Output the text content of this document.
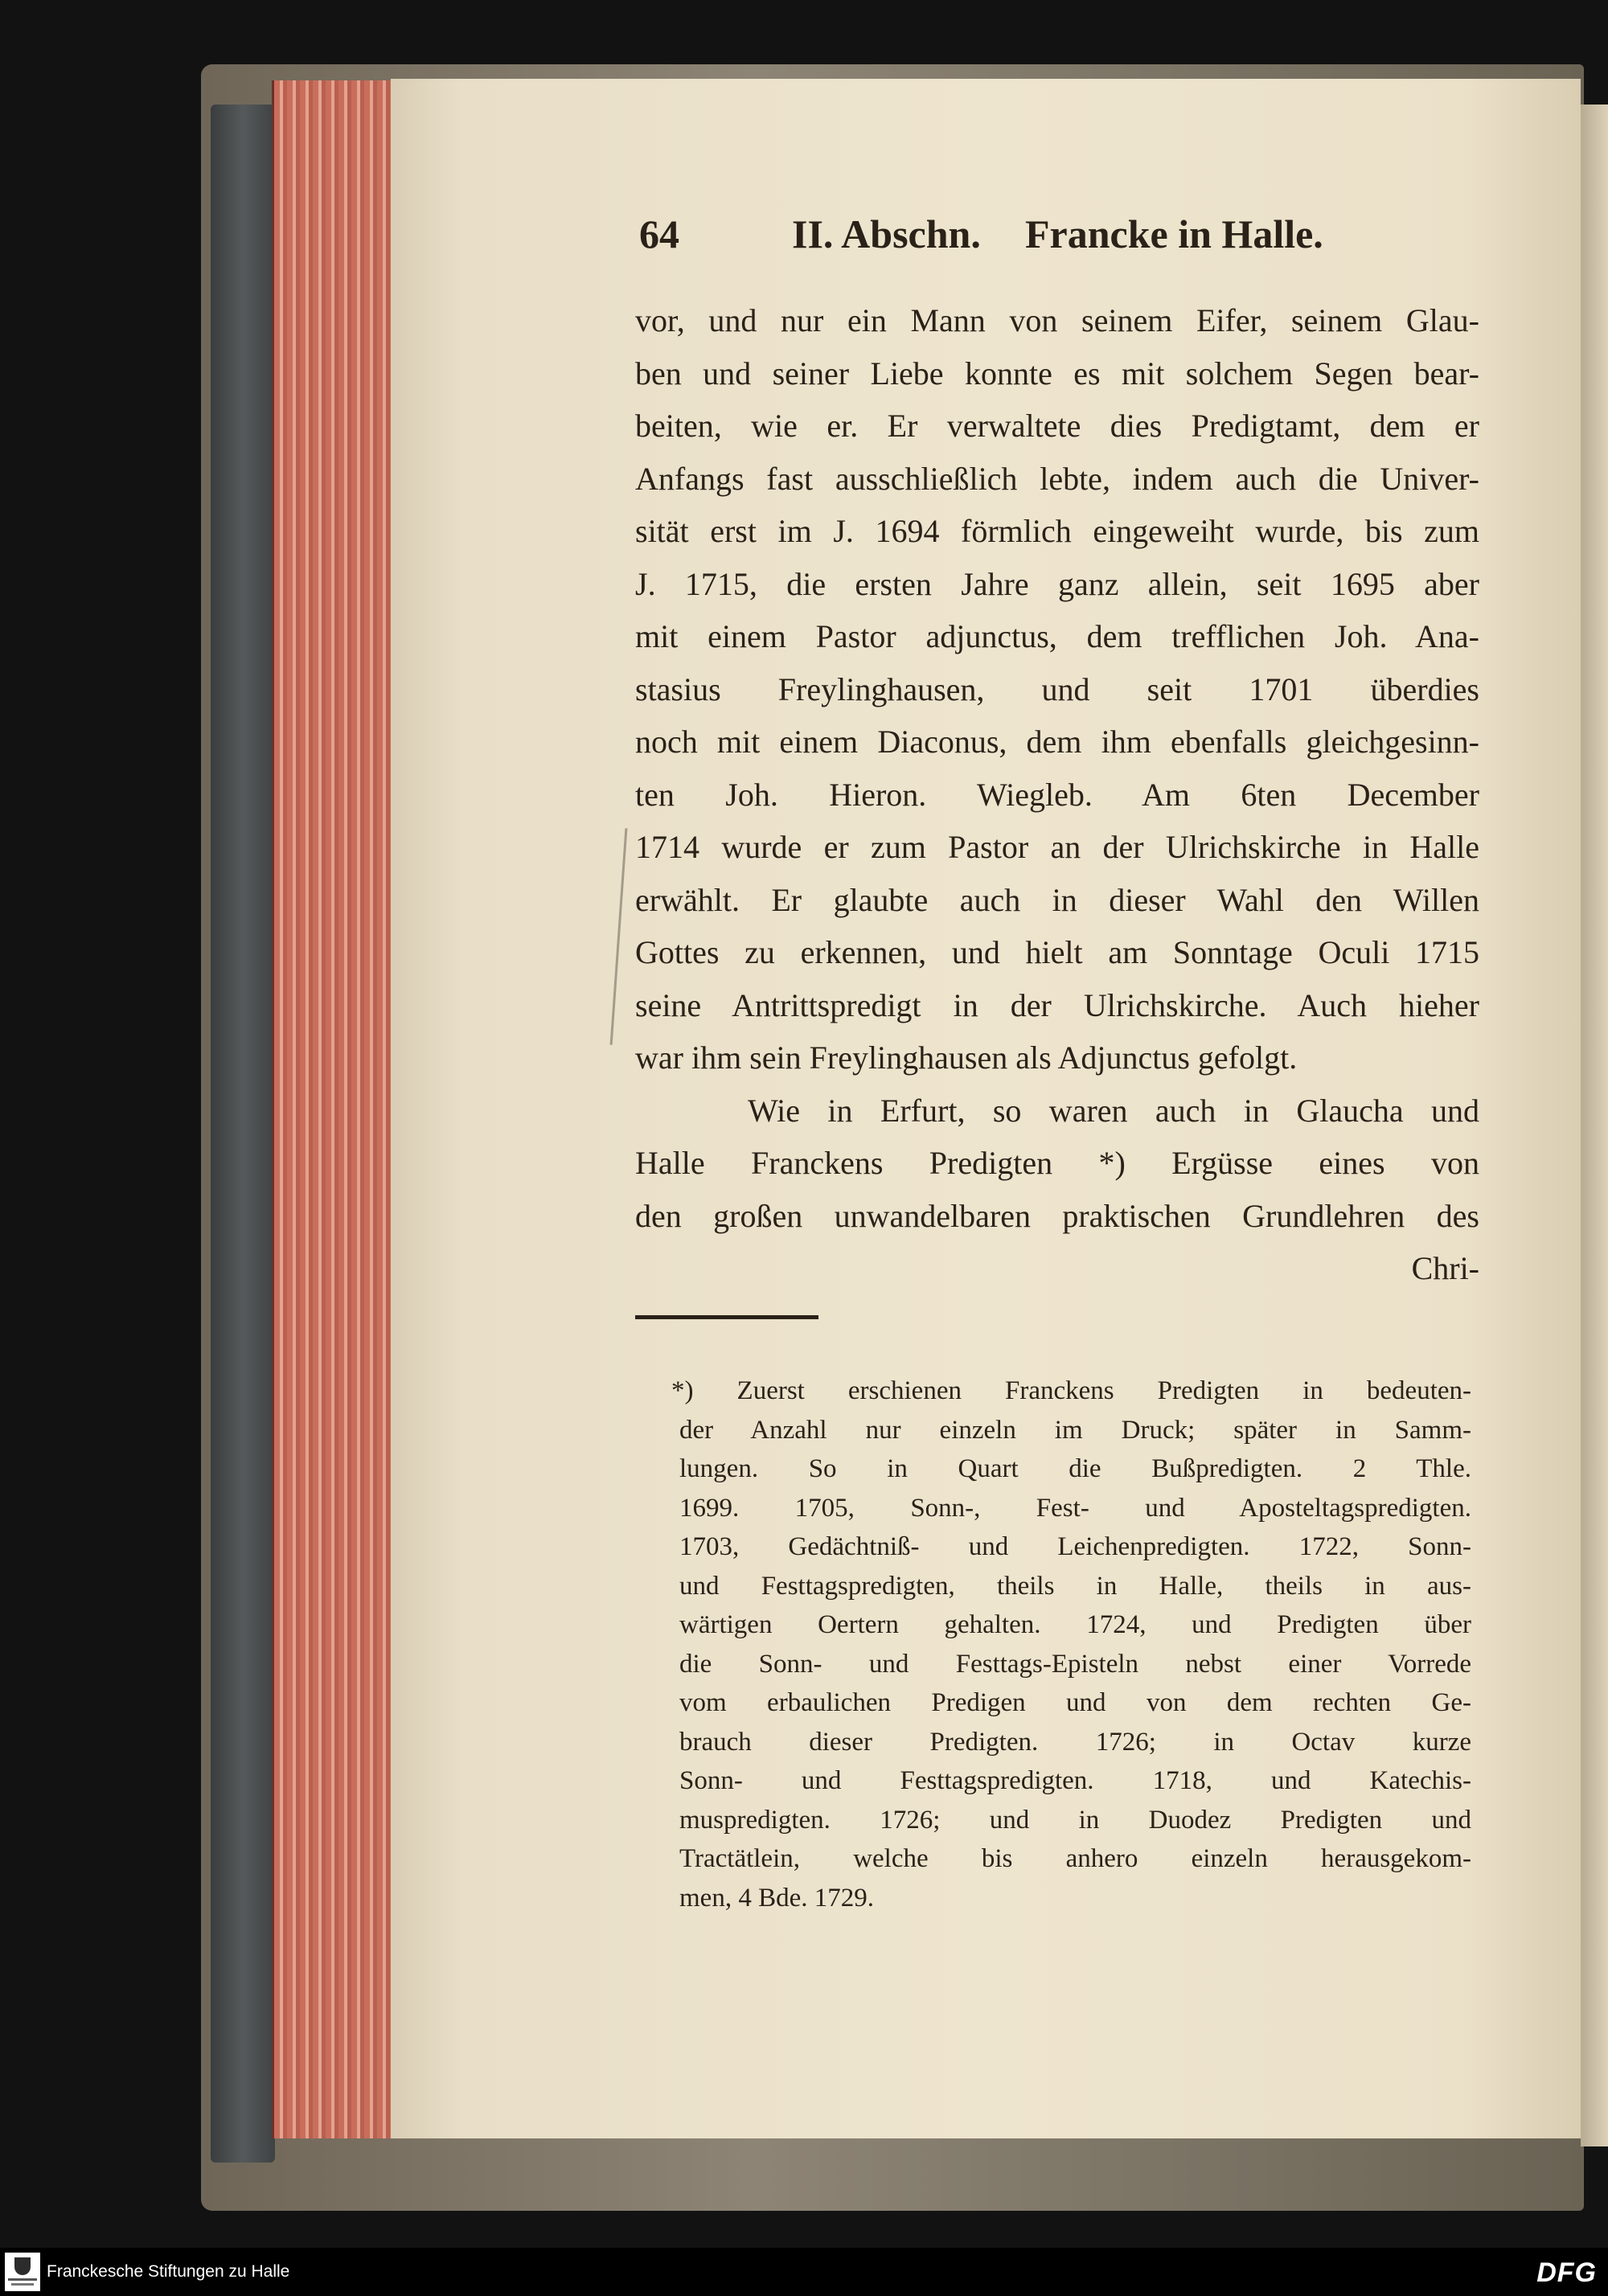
64	II. Abschn. Francke in Halle.
vor, und nur ein Mann von seinem Eifer, seinem Glau-
ben und seiner Liebe konnte es mit solchem Segen bear-
beiten, wie er. Er verwaltete dies Predigtamt, dem er
Anfangs fast ausschließlich lebte, indem auch die Univer-
sität erst im J. 1694 förmlich eingeweiht wurde, bis zum
J. 1715, die ersten Jahre ganz allein, seit 1695 aber
mit einem Pastor adjunctus, dem trefflichen Joh. Ana-
stasius Freylinghausen, und seit 1701 überdies
noch mit einem Diaconus, dem ihm ebenfalls gleichgesinn-
ten Joh. Hieron. Wiegleb. Am 6ten December
1714 wurde er zum Pastor an der Ulrichskirche in Halle
erwählt. Er glaubte auch in dieser Wahl den Willen
Gottes zu erkennen, und hielt am Sonntage Oculi 1715
seine Antrittspredigt in der Ulrichskirche. Auch hieher
war ihm sein Freylinghausen als Adjunctus gefolgt.
Wie in Erfurt, so waren auch in Glaucha und
Halle Franckens Predigten *) Ergüsse eines von
den großen unwandelbaren praktischen Grundlehren des
Chri-
*) Zuerst erschienen Franckens Predigten in bedeuten-
der Anzahl nur einzeln im Druck; später in Samm-
lungen. So in Quart die Bußpredigten. 2 Thle.
1699. 1705, Sonn-, Fest- und Aposteltagspredigten.
1703, Gedächtniß- und Leichenpredigten. 1722, Sonn-
und Festtagspredigten, theils in Halle, theils in aus-
wärtigen Oertern gehalten. 1724, und Predigten über
die Sonn- und Festtags-Episteln nebst einer Vorrede
vom erbaulichen Predigen und von dem rechten Ge-
brauch dieser Predigten. 1726; in Octav kurze
Sonn- und Festtagspredigten. 1718, und Katechis-
muspredigten. 1726; und in Duodez Predigten und
Tractätlein, welche bis anhero einzeln herausgekom-
men, 4 Bde. 1729.
Franckesche Stiftungen zu Halle	DFG
